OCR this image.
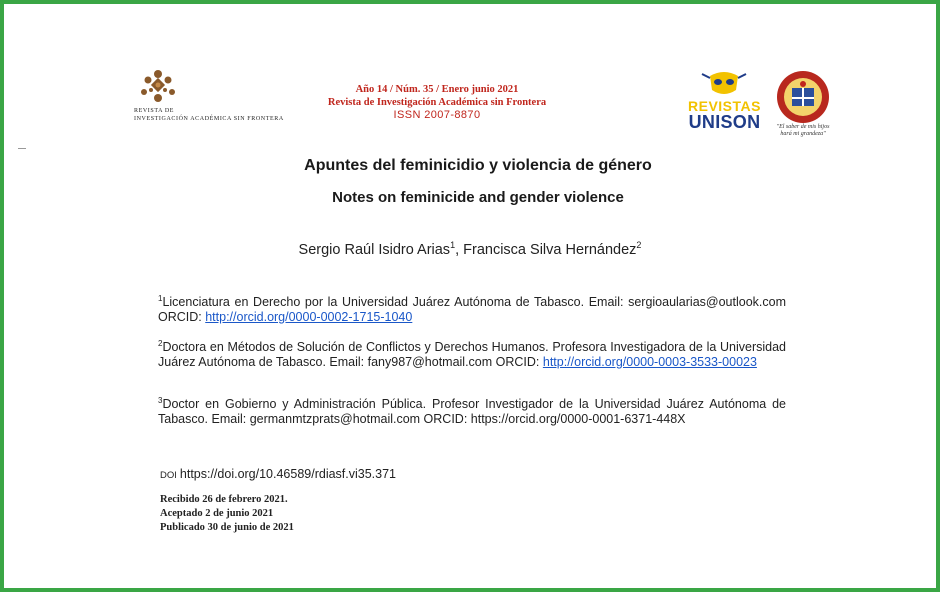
REVISTA DE
INVESTIGACIÓN ACADÉMICA SIN FRONTERA
Año 14 / Núm. 35 / Enero junio 2021
Revista de Investigación Académica sin Frontera
ISSN 2007-8870
REVISTAS
UNISON	"El saber de mis hijos
hará mi grandeza"
Apuntes del feminicidio y violencia de género
Notes on feminicide and gender violence
Sergio Raúl Isidro Arias$^1$, Francisca Silva Hernández$^2$
$^1$Licenciatura en Derecho por la Universidad Juárez Autónoma de Tabasco. Email: sergioaularias@outlook.com ORCID: http://orcid.org/0000-0002-1715-1040
$^2$Doctora en Métodos de Solución de Conflictos y Derechos Humanos. Profesora Investigadora de la Universidad Juárez Autónoma de Tabasco. Email: fany987@hotmail.com ORCID: http://orcid.org/0000-0003-3533-00023
$^3$Doctor en Gobierno y Administración Pública. Profesor Investigador de la Universidad Juárez Autónoma de Tabasco. Email: germanmtzprats@hotmail.com ORCID: https://orcid.org/0000-0001-6371-448X
DOI https://doi.org/10.46589/rdiasf.vi35.371
Recibido 26 de febrero 2021.
Aceptado 2 de junio 2021
Publicado 30 de junio de 2021
